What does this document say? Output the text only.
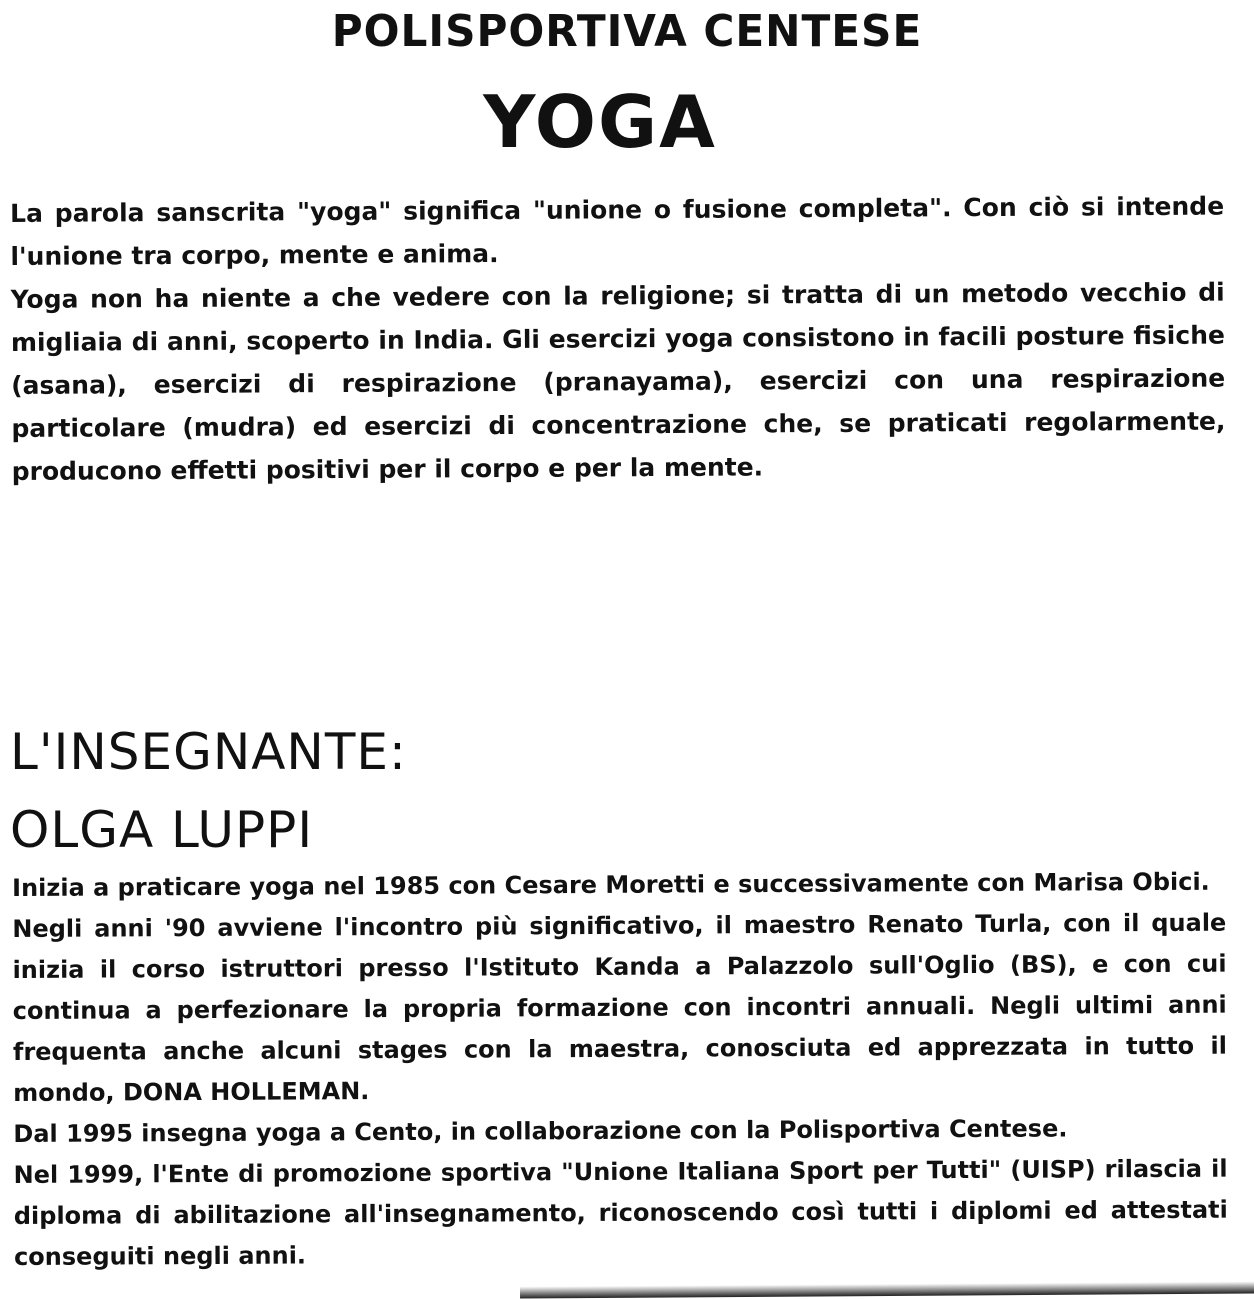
POLISPORTIVA CENTESE
YOGA

La parola sanscrita "yoga" significa "unione o fusione completa". Con ciò si intende l'unione tra corpo, mente e anima.

Yoga non ha niente a che vedere con la religione; si tratta di un metodo vecchio di migliaia di anni, scoperto in India. Gli esercizi yoga consistono in facili posture fisiche (asana), esercizi di respirazione (pranayama), esercizi con una respirazione particolare (mudra) ed esercizi di concentrazione che, se praticati regolarmente, producono effetti positivi per il corpo e per la mente.

L'INSEGNANTE:
OLGA LUPPI

Inizia a praticare yoga nel 1985 con Cesare Moretti e successivamente con Marisa Obici.

Negli anni '90 avviene l'incontro più significativo, il maestro Renato Turla, con il quale inizia il corso istruttori presso l'Istituto Kanda a Palazzolo sull'Oglio (BS), e con cui continua a perfezionare la propria formazione con incontri annuali. Negli ultimi anni frequenta anche alcuni stages con la maestra, conosciuta ed apprezzata in tutto il mondo, DONA HOLLEMAN.

Dal 1995 insegna yoga a Cento, in collaborazione con la Polisportiva Centese.

Nel 1999, l'Ente di promozione sportiva "Unione Italiana Sport per Tutti" (UISP) rilascia il diploma di abilitazione all'insegnamento, riconoscendo così tutti i diplomi ed attestati conseguiti negli anni.
